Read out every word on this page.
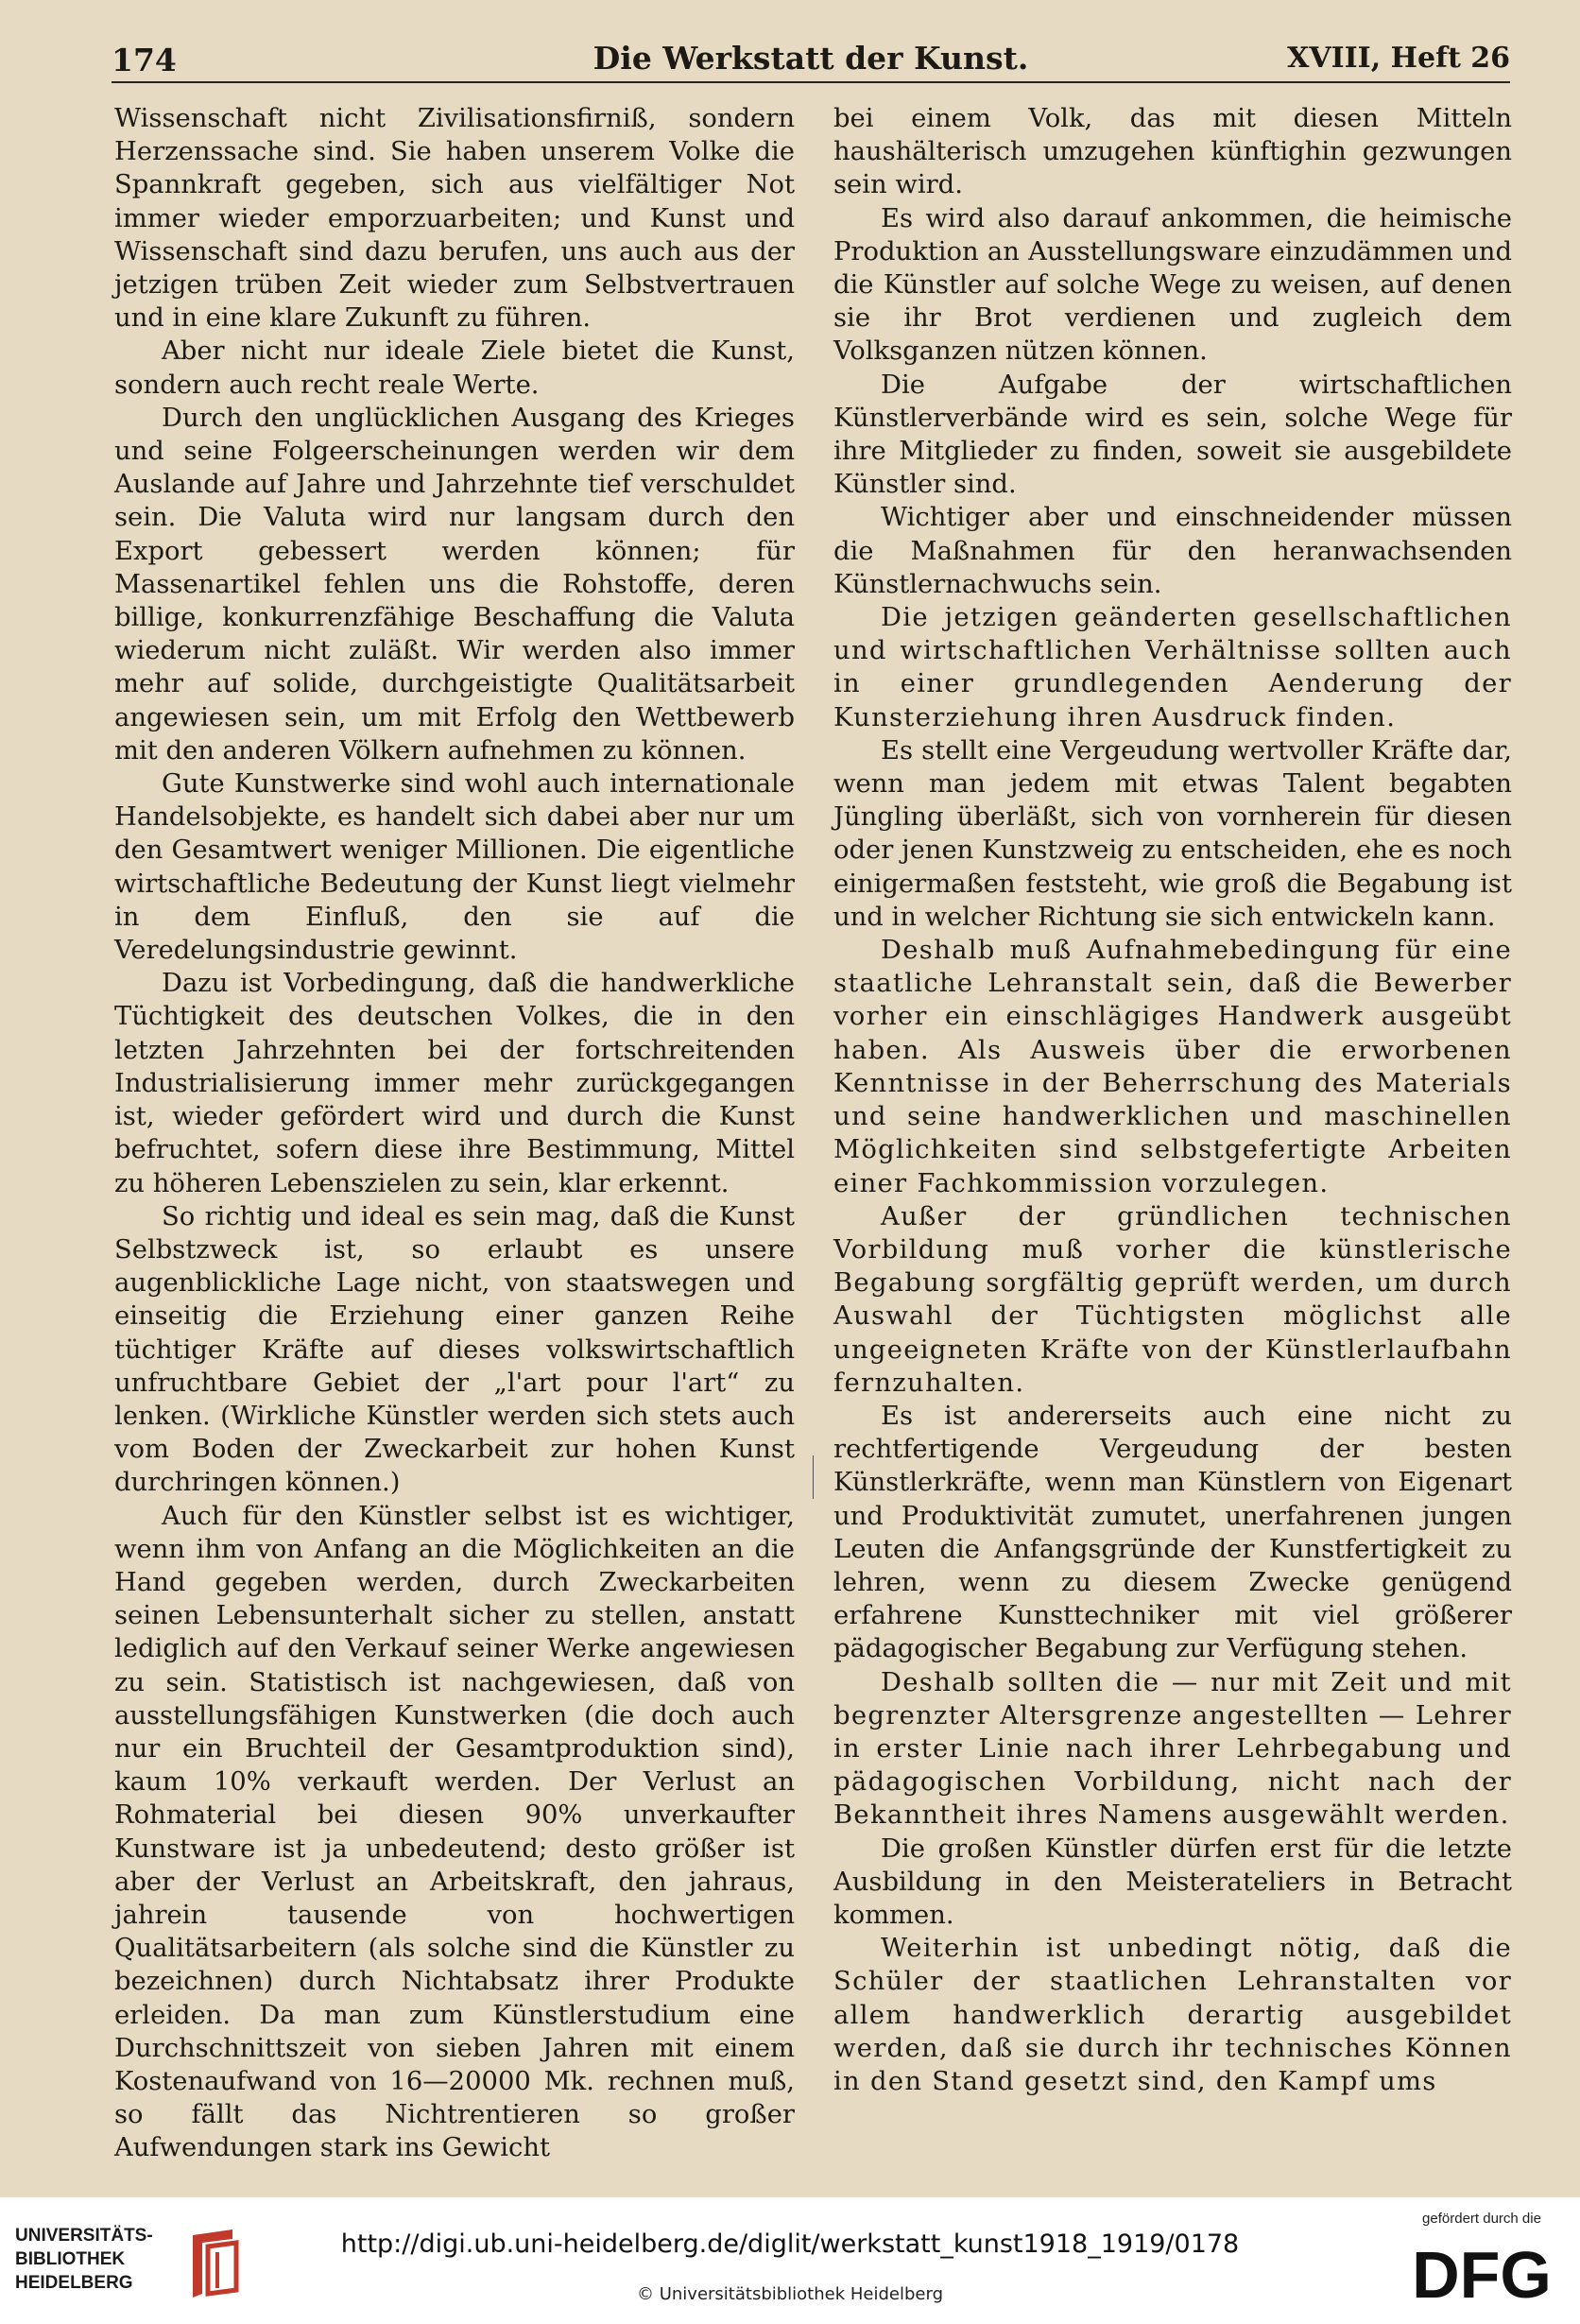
174	Die Werkstatt der Kunst.	XVIII, Heft 26

Wissenschaft nicht Zivilisationsfirniß, sondern Herzenssache sind. Sie haben unserem Volke die Spannkraft gegeben, sich aus vielfältiger Not immer wieder emporzuarbeiten; und Kunst und Wissenschaft sind dazu berufen, uns auch aus der jetzigen trüben Zeit wieder zum Selbstvertrauen und in eine klare Zukunft zu führen.

Aber nicht nur ideale Ziele bietet die Kunst, sondern auch recht reale Werte.

Durch den unglücklichen Ausgang des Krieges und seine Folgeerscheinungen werden wir dem Auslande auf Jahre und Jahrzehnte tief verschuldet sein. Die Valuta wird nur langsam durch den Export gebessert werden können; für Massenartikel fehlen uns die Rohstoffe, deren billige, konkurrenzfähige Beschaffung die Valuta wiederum nicht zuläßt. Wir werden also immer mehr auf solide, durchgeistigte Qualitätsarbeit angewiesen sein, um mit Erfolg den Wettbewerb mit den anderen Völkern aufnehmen zu können.

Gute Kunstwerke sind wohl auch internationale Handelsobjekte, es handelt sich dabei aber nur um den Gesamtwert weniger Millionen. Die eigentliche wirtschaftliche Bedeutung der Kunst liegt vielmehr in dem Einfluß, den sie auf die Veredelungsindustrie gewinnt.

Dazu ist Vorbedingung, daß die handwerkliche Tüchtigkeit des deutschen Volkes, die in den letzten Jahrzehnten bei der fortschreitenden Industrialisierung immer mehr zurückgegangen ist, wieder gefördert wird und durch die Kunst befruchtet, sofern diese ihre Bestimmung, Mittel zu höheren Lebenszielen zu sein, klar erkennt.

So richtig und ideal es sein mag, daß die Kunst Selbstzweck ist, so erlaubt es unsere augenblickliche Lage nicht, von staatswegen und einseitig die Erziehung einer ganzen Reihe tüchtiger Kräfte auf dieses volkswirtschaftlich unfruchtbare Gebiet der „l'art pour l'art“ zu lenken. (Wirkliche Künstler werden sich stets auch vom Boden der Zweckarbeit zur hohen Kunst durchringen können.)

Auch für den Künstler selbst ist es wichtiger, wenn ihm von Anfang an die Möglichkeiten an die Hand gegeben werden, durch Zweckarbeiten seinen Lebensunterhalt sicher zu stellen, anstatt lediglich auf den Verkauf seiner Werke angewiesen zu sein. Statistisch ist nachgewiesen, daß von ausstellungsfähigen Kunstwerken (die doch auch nur ein Bruchteil der Gesamtproduktion sind), kaum 10% verkauft werden. Der Verlust an Rohmaterial bei diesen 90% unverkaufter Kunstware ist ja unbedeutend; desto größer ist aber der Verlust an Arbeitskraft, den jahraus, jahrein tausende von hochwertigen Qualitätsarbeitern (als solche sind die Künstler zu bezeichnen) durch Nichtabsatz ihrer Produkte erleiden. Da man zum Künstlerstudium eine Durchschnittszeit von sieben Jahren mit einem Kostenaufwand von 16—20000 Mk. rechnen muß, so fällt das Nichtrentieren so großer Aufwendungen stark ins Gewicht

bei einem Volk, das mit diesen Mitteln haushälterisch umzugehen künftighin gezwungen sein wird.

Es wird also darauf ankommen, die heimische Produktion an Ausstellungsware einzudämmen und die Künstler auf solche Wege zu weisen, auf denen sie ihr Brot verdienen und zugleich dem Volksganzen nützen können.

Die Aufgabe der wirtschaftlichen Künstlerverbände wird es sein, solche Wege für ihre Mitglieder zu finden, soweit sie ausgebildete Künstler sind.

Wichtiger aber und einschneidender müssen die Maßnahmen für den heranwachsenden Künstlernachwuchs sein.

Die jetzigen geänderten gesellschaftlichen und wirtschaftlichen Verhältnisse sollten auch in einer grundlegenden Aenderung der Kunsterziehung ihren Ausdruck finden.

Es stellt eine Vergeudung wertvoller Kräfte dar, wenn man jedem mit etwas Talent begabten Jüngling überläßt, sich von vornherein für diesen oder jenen Kunstzweig zu entscheiden, ehe es noch einigermaßen feststeht, wie groß die Begabung ist und in welcher Richtung sie sich entwickeln kann.

Deshalb muß Aufnahmebedingung für eine staatliche Lehranstalt sein, daß die Bewerber vorher ein einschlägiges Handwerk ausgeübt haben. Als Ausweis über die erworbenen Kenntnisse in der Beherrschung des Materials und seine handwerklichen und maschinellen Möglichkeiten sind selbstgefertigte Arbeiten einer Fachkommission vorzulegen.

Außer der gründlichen technischen Vorbildung muß vorher die künstlerische Begabung sorgfältig geprüft werden, um durch Auswahl der Tüchtigsten möglichst alle ungeeigneten Kräfte von der Künstlerlaufbahn fernzuhalten.

Es ist andererseits auch eine nicht zu rechtfertigende Vergeudung der besten Künstlerkräfte, wenn man Künstlern von Eigenart und Produktivität zumutet, unerfahrenen jungen Leuten die Anfangsgründe der Kunstfertigkeit zu lehren, wenn zu diesem Zwecke genügend erfahrene Kunsttechniker mit viel größerer pädagogischer Begabung zur Verfügung stehen.

Deshalb sollten die — nur mit Zeit und mit begrenzter Altersgrenze angestellten — Lehrer in erster Linie nach ihrer Lehrbegabung und pädagogischen Vorbildung, nicht nach der Bekanntheit ihres Namens ausgewählt werden.

Die großen Künstler dürfen erst für die letzte Ausbildung in den Meisterateliers in Betracht kommen.

Weiterhin ist unbedingt nötig, daß die Schüler der staatlichen Lehranstalten vor allem handwerklich derartig ausgebildet werden, daß sie durch ihr technisches Können in den Stand gesetzt sind, den Kampf ums

UNIVERSITÄTS-
BIBLIOTHEK
HEIDELBERG
http://digi.ub.uni-heidelberg.de/diglit/werkstatt_kunst1918_1919/0178
© Universitätsbibliothek Heidelberg
gefördert durch die
DFG
